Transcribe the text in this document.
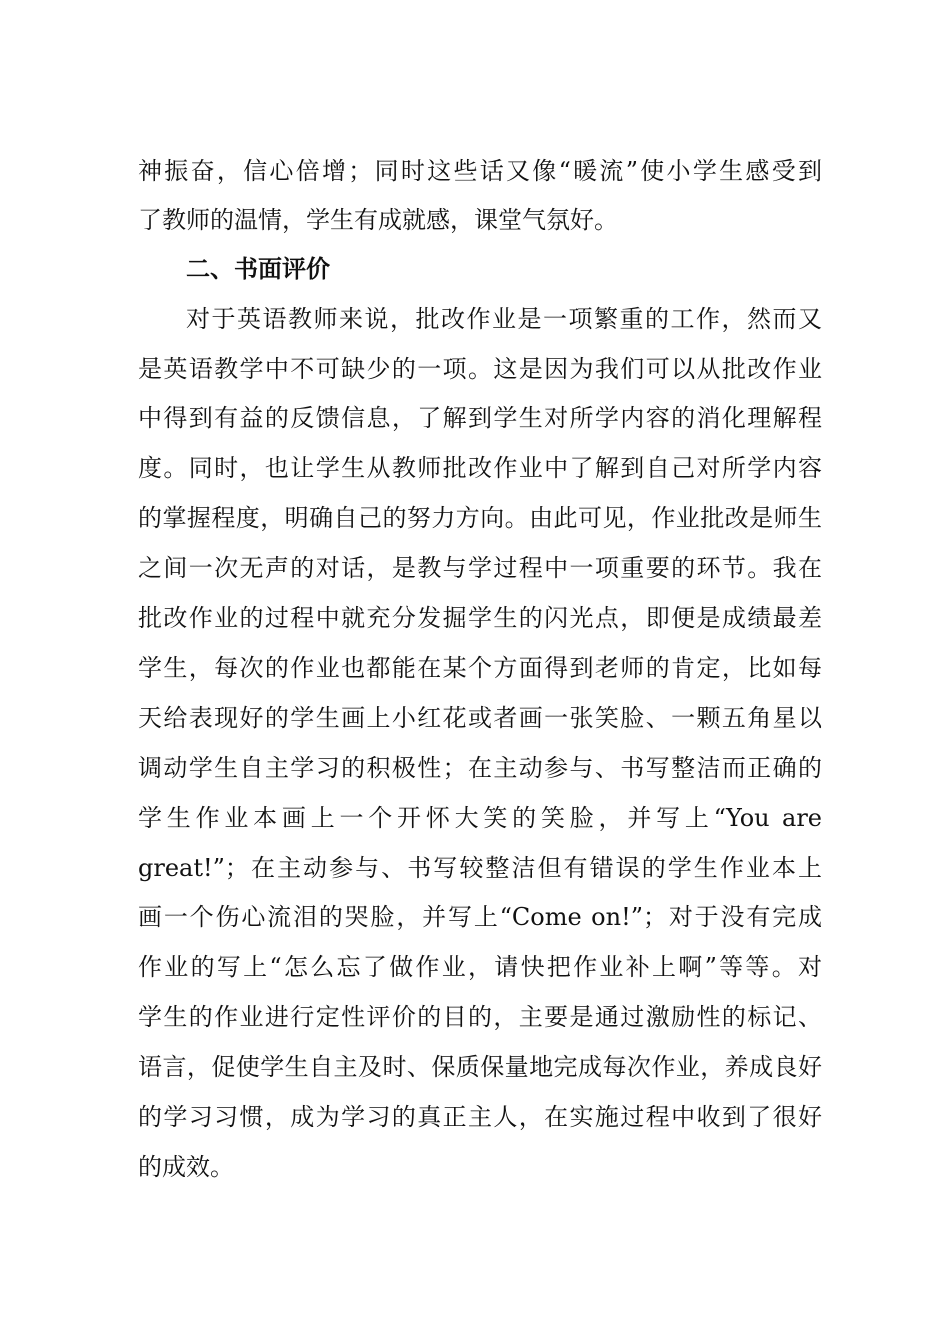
神振奋，信心倍增；同时这些话又像“暖流”使小学生感受到
了教师的温情，学生有成就感，课堂气氛好。
二、书面评价
对于英语教师来说，批改作业是一项繁重的工作，然而又
是英语教学中不可缺少的一项。这是因为我们可以从批改作业
中得到有益的反馈信息，了解到学生对所学内容的消化理解程
度。同时，也让学生从教师批改作业中了解到自己对所学内容
的掌握程度，明确自己的努力方向。由此可见，作业批改是师生
之间一次无声的对话，是教与学过程中一项重要的环节。我在
批改作业的过程中就充分发掘学生的闪光点，即便是成绩最差
学生，每次的作业也都能在某个方面得到老师的肯定，比如每
天给表现好的学生画上小红花或者画一张笑脸、一颗五角星以
调动学生自主学习的积极性；在主动参与、书写整洁而正确的
学生作业本画上一个开怀大笑的笑脸，并写上“You are
great!”；在主动参与、书写较整洁但有错误的学生作业本上
画一个伤心流泪的哭脸，并写上“Come on!”；对于没有完成
作业的写上“怎么忘了做作业，请快把作业补上啊”等等。对
学生的作业进行定性评价的目的，主要是通过激励性的标记、
语言，促使学生自主及时、保质保量地完成每次作业，养成良好
的学习习惯，成为学习的真正主人，在实施过程中收到了很好
的成效。
